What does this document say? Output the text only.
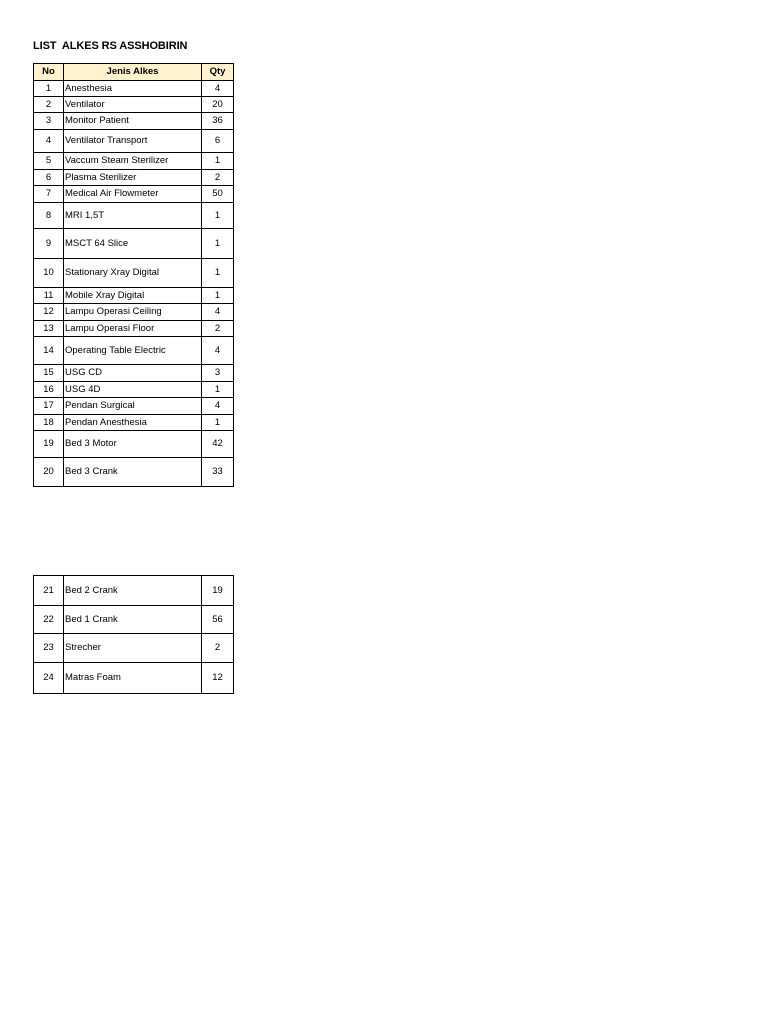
LIST  ALKES RS ASSHOBIRIN
No	Jenis Alkes	Qty
1	Anesthesia	4
2	Ventilator	20
3	Monitor Patient	36
4	Ventilator Transport	6
5	Vaccum Steam Sterilizer	1
6	Plasma Sterilizer	2
7	Medical Air Flowmeter	50
8	MRI 1,5T	1
9	MSCT 64 Slice	1
10	Stationary Xray Digital	1
11	Mobile Xray Digital	1
12	Lampu Operasi Ceiling	4
13	Lampu Operasi Floor	2
14	Operating Table Electric	4
15	USG CD	3
16	USG 4D	1
17	Pendan Surgical	4
18	Pendan Anesthesia	1
19	Bed 3 Motor	42
20	Bed 3 Crank	33
21	Bed 2 Crank	19
22	Bed 1 Crank	56
23	Strecher	2
24	Matras Foam	12
